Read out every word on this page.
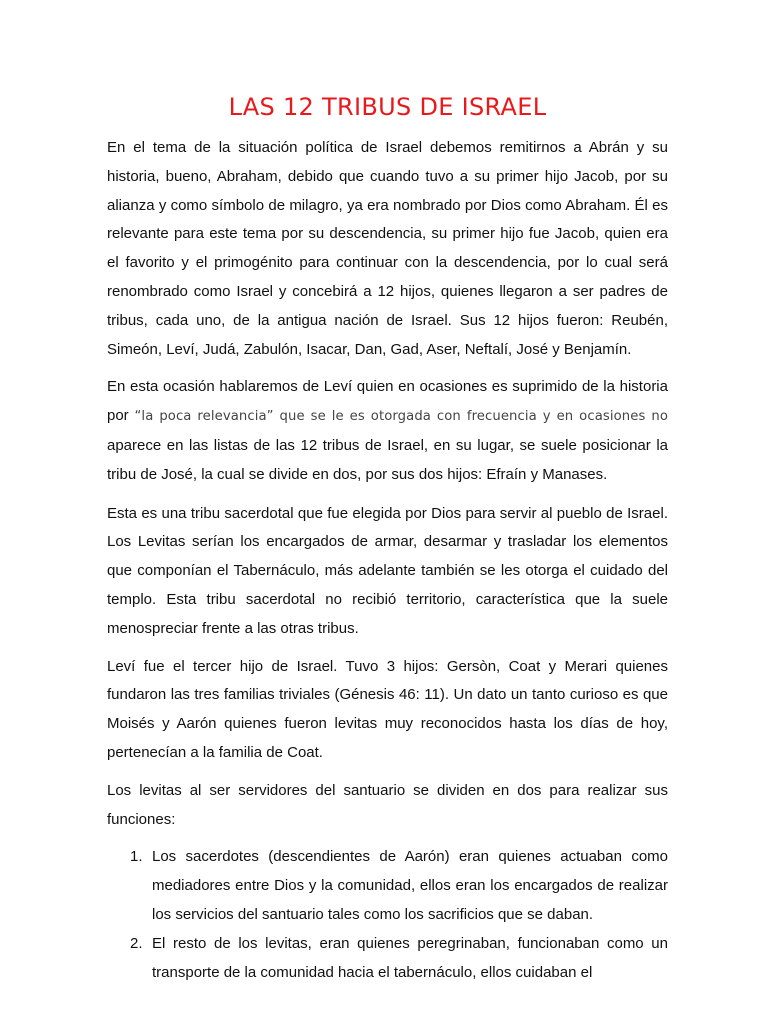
LAS 12 TRIBUS DE ISRAEL

En el tema de la situación política de Israel debemos remitirnos a Abrán y su historia, bueno, Abraham, debido que cuando tuvo a su primer hijo Jacob, por su alianza y como símbolo de milagro, ya era nombrado por Dios como Abraham. Él es relevante para este tema por su descendencia, su primer hijo fue Jacob, quien era el favorito y el primogénito para continuar con la descendencia, por lo cual será renombrado como Israel y concebirá a 12 hijos, quienes llegaron a ser padres de tribus, cada uno, de la antigua nación de Israel. Sus 12 hijos fueron: Reubén, Simeón, Leví, Judá, Zabulón, Isacar, Dan, Gad, Aser, Neftalí, José y Benjamín.

En esta ocasión hablaremos de Leví quien en ocasiones es suprimido de la historia por “la poca relevancia” que se le es otorgada con frecuencia y en ocasiones no aparece en las listas de las 12 tribus de Israel, en su lugar, se suele posicionar la tribu de José, la cual se divide en dos, por sus dos hijos: Efraín y Manases.

Esta es una tribu sacerdotal que fue elegida por Dios para servir al pueblo de Israel. Los Levitas serían los encargados de armar, desarmar y trasladar los elementos que componían el Tabernáculo, más adelante también se les otorga el cuidado del templo. Esta tribu sacerdotal no recibió territorio, característica que la suele menospreciar frente a las otras tribus.

Leví fue el tercer hijo de Israel. Tuvo 3 hijos: Gersòn, Coat y Merari quienes fundaron las tres familias triviales (Génesis 46: 11). Un dato un tanto curioso es que Moisés y Aarón quienes fueron levitas muy reconocidos hasta los días de hoy, pertenecían a la familia de Coat.

Los levitas al ser servidores del santuario se dividen en dos para realizar sus funciones:

1. Los sacerdotes (descendientes de Aarón) eran quienes actuaban como mediadores entre Dios y la comunidad, ellos eran los encargados de realizar los servicios del santuario tales como los sacrificios que se daban.
2. El resto de los levitas, eran quienes peregrinaban, funcionaban como un transporte de la comunidad hacia el tabernáculo, ellos cuidaban el
